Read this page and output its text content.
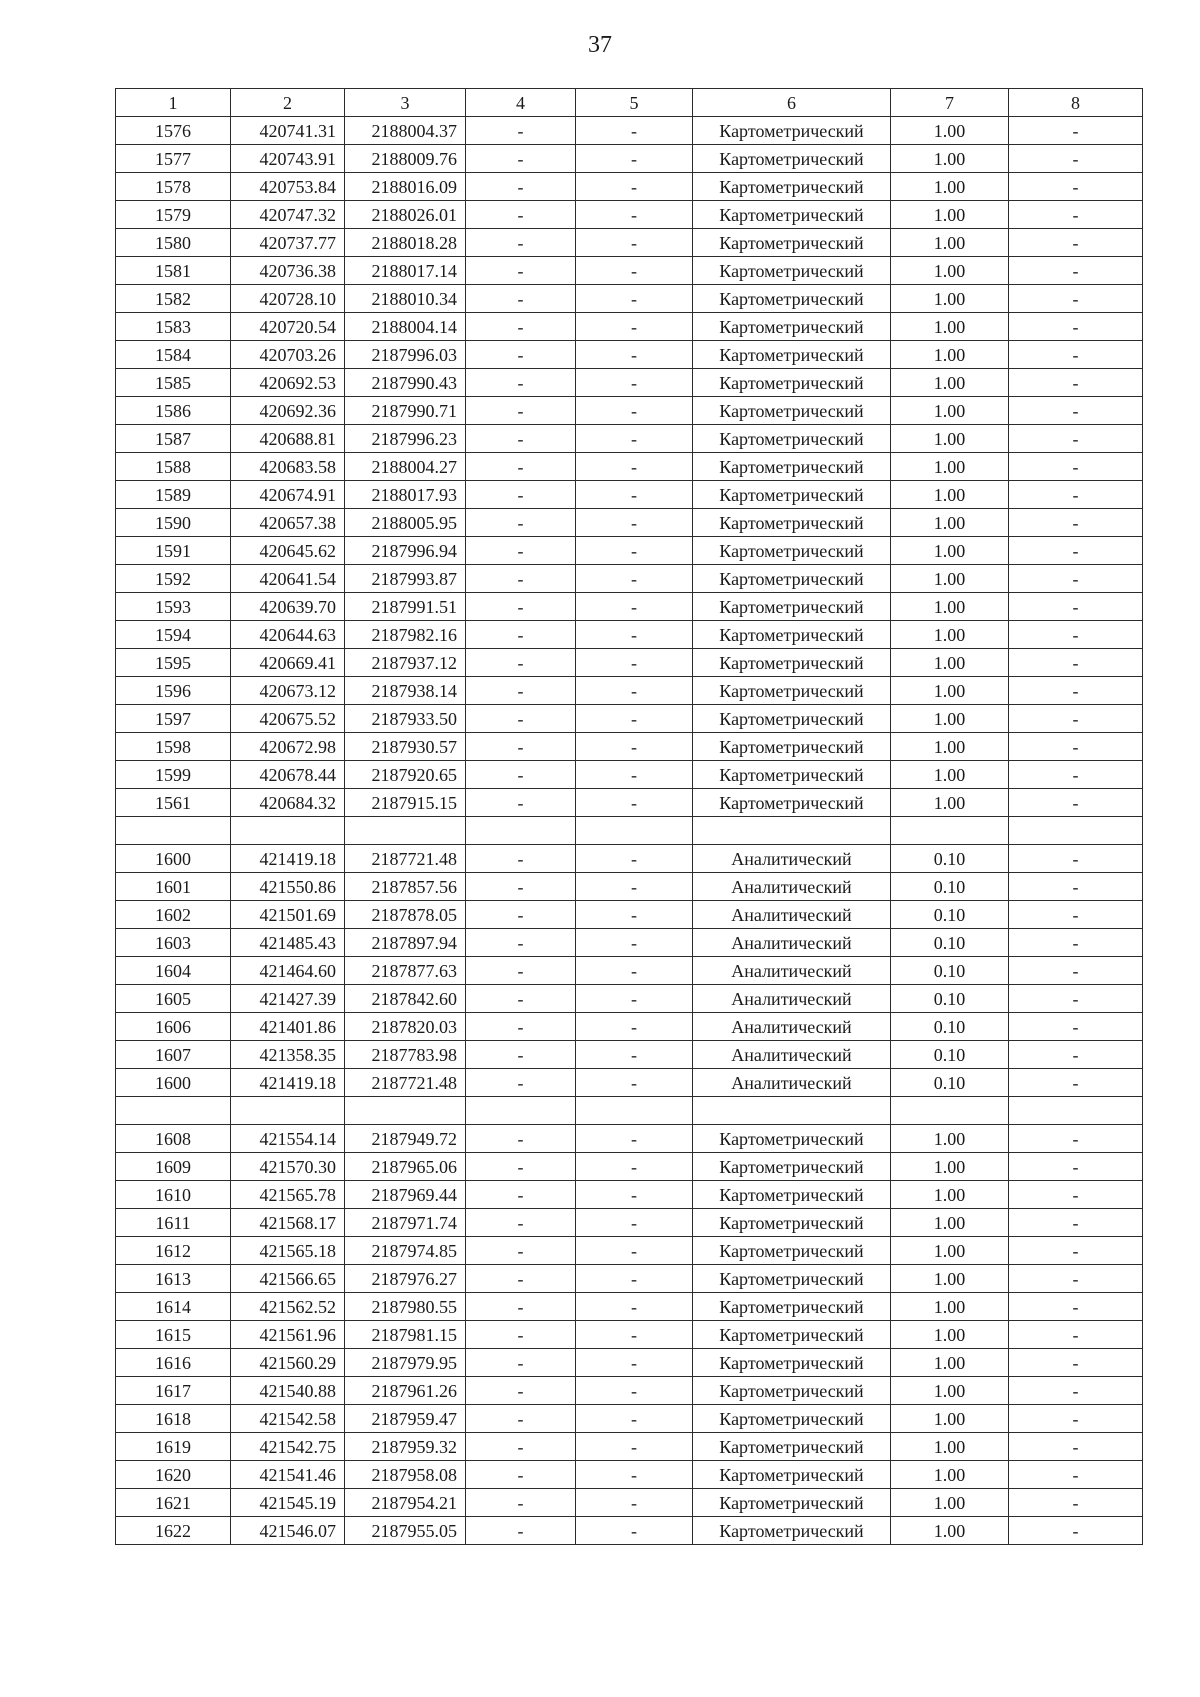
37
1	2	3	4	5	6	7	8
1576	420741.31	2188004.37	-	-	Картометрический	1.00	-
1577	420743.91	2188009.76	-	-	Картометрический	1.00	-
1578	420753.84	2188016.09	-	-	Картометрический	1.00	-
1579	420747.32	2188026.01	-	-	Картометрический	1.00	-
1580	420737.77	2188018.28	-	-	Картометрический	1.00	-
1581	420736.38	2188017.14	-	-	Картометрический	1.00	-
1582	420728.10	2188010.34	-	-	Картометрический	1.00	-
1583	420720.54	2188004.14	-	-	Картометрический	1.00	-
1584	420703.26	2187996.03	-	-	Картометрический	1.00	-
1585	420692.53	2187990.43	-	-	Картометрический	1.00	-
1586	420692.36	2187990.71	-	-	Картометрический	1.00	-
1587	420688.81	2187996.23	-	-	Картометрический	1.00	-
1588	420683.58	2188004.27	-	-	Картометрический	1.00	-
1589	420674.91	2188017.93	-	-	Картометрический	1.00	-
1590	420657.38	2188005.95	-	-	Картометрический	1.00	-
1591	420645.62	2187996.94	-	-	Картометрический	1.00	-
1592	420641.54	2187993.87	-	-	Картометрический	1.00	-
1593	420639.70	2187991.51	-	-	Картометрический	1.00	-
1594	420644.63	2187982.16	-	-	Картометрический	1.00	-
1595	420669.41	2187937.12	-	-	Картометрический	1.00	-
1596	420673.12	2187938.14	-	-	Картометрический	1.00	-
1597	420675.52	2187933.50	-	-	Картометрический	1.00	-
1598	420672.98	2187930.57	-	-	Картометрический	1.00	-
1599	420678.44	2187920.65	-	-	Картометрический	1.00	-
1561	420684.32	2187915.15	-	-	Картометрический	1.00	-

1600	421419.18	2187721.48	-	-	Аналитический	0.10	-
1601	421550.86	2187857.56	-	-	Аналитический	0.10	-
1602	421501.69	2187878.05	-	-	Аналитический	0.10	-
1603	421485.43	2187897.94	-	-	Аналитический	0.10	-
1604	421464.60	2187877.63	-	-	Аналитический	0.10	-
1605	421427.39	2187842.60	-	-	Аналитический	0.10	-
1606	421401.86	2187820.03	-	-	Аналитический	0.10	-
1607	421358.35	2187783.98	-	-	Аналитический	0.10	-
1600	421419.18	2187721.48	-	-	Аналитический	0.10	-

1608	421554.14	2187949.72	-	-	Картометрический	1.00	-
1609	421570.30	2187965.06	-	-	Картометрический	1.00	-
1610	421565.78	2187969.44	-	-	Картометрический	1.00	-
1611	421568.17	2187971.74	-	-	Картометрический	1.00	-
1612	421565.18	2187974.85	-	-	Картометрический	1.00	-
1613	421566.65	2187976.27	-	-	Картометрический	1.00	-
1614	421562.52	2187980.55	-	-	Картометрический	1.00	-
1615	421561.96	2187981.15	-	-	Картометрический	1.00	-
1616	421560.29	2187979.95	-	-	Картометрический	1.00	-
1617	421540.88	2187961.26	-	-	Картометрический	1.00	-
1618	421542.58	2187959.47	-	-	Картометрический	1.00	-
1619	421542.75	2187959.32	-	-	Картометрический	1.00	-
1620	421541.46	2187958.08	-	-	Картометрический	1.00	-
1621	421545.19	2187954.21	-	-	Картометрический	1.00	-
1622	421546.07	2187955.05	-	-	Картометрический	1.00	-
